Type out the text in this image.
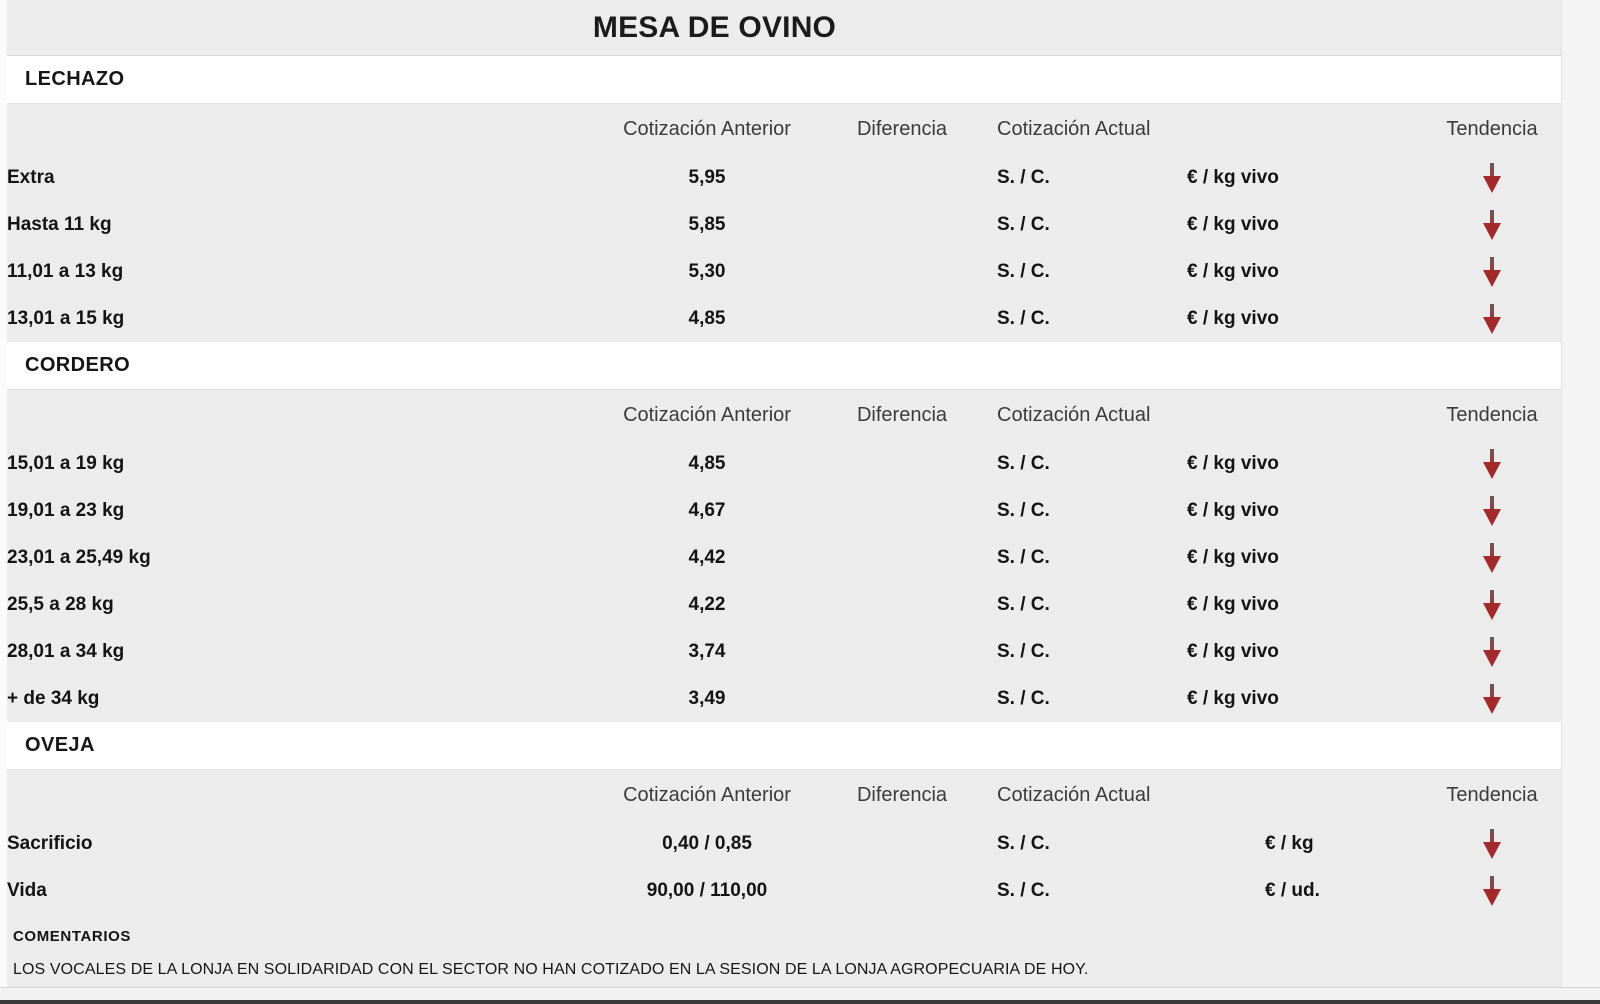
MESA DE OVINO
LECHAZO
	Cotización Anterior	Diferencia	Cotización Actual		Tendencia
Extra	5,95		S. / C.	€ / kg vivo	

Hasta 11 kg	5,85		S. / C.	€ / kg vivo	

11,01 a 13 kg	5,30		S. / C.	€ / kg vivo	

13,01 a 15 kg	4,85		S. / C.	€ / kg vivo	
CORDERO
	Cotización Anterior	Diferencia	Cotización Actual		Tendencia
15,01 a 19 kg	4,85		S. / C.	€ / kg vivo	

19,01 a 23 kg	4,67		S. / C.	€ / kg vivo	

23,01 a 25,49 kg	4,42		S. / C.	€ / kg vivo	

25,5 a 28 kg	4,22		S. / C.	€ / kg vivo	

28,01 a 34 kg	3,74		S. / C.	€ / kg vivo	

+ de 34 kg	3,49		S. / C.	€ / kg vivo	
OVEJA
	Cotización Anterior	Diferencia	Cotización Actual		Tendencia
Sacrificio	0,40 / 0,85		S. / C.	€ / kg	

Vida	90,00 / 110,00		S. / C.	€ / ud.	
COMENTARIOS
LOS VOCALES DE LA LONJA EN SOLIDARIDAD CON EL SECTOR NO HAN COTIZADO EN LA SESION DE LA LONJA AGROPECUARIA DE HOY.
